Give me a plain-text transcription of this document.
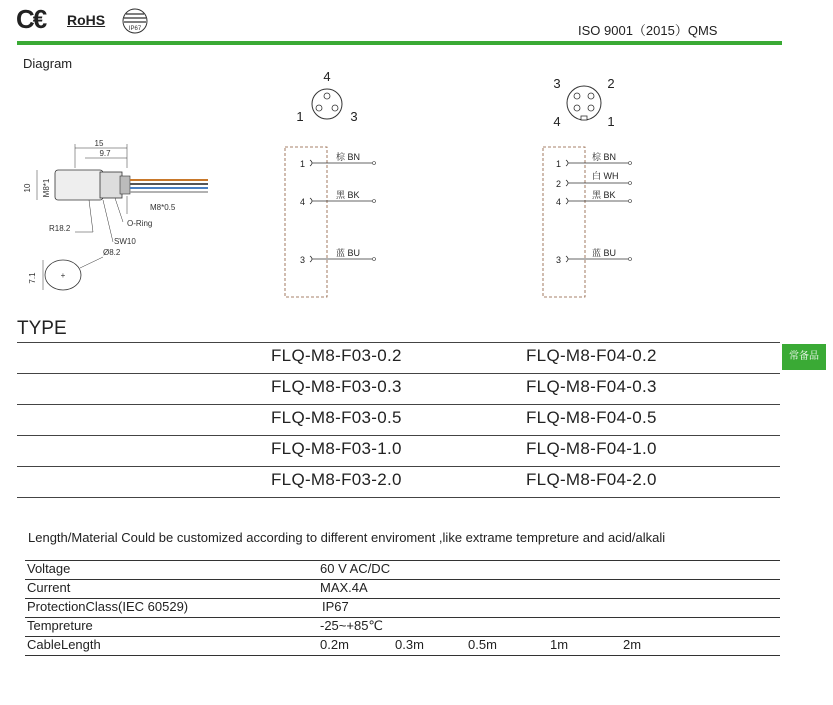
C€ RoHS
IP67	ISO 9001（2015）QMS
Diagram
15
9.7
10 M8*1
M8*0.5
O-Ring
R18.2
SW10
Ø8.2
+
7.1
4
1	3
3	2
4	1
1
棕 BN
4
黑 BK
3
蓝 BU
1
棕 BN
2
白 WH
4
黑 BK
3
蓝 BU
TYPE
常备品
FLQ-M8-F03-0.2	FLQ-M8-F04-0.2
FLQ-M8-F03-0.3	FLQ-M8-F04-0.3
FLQ-M8-F03-0.5	FLQ-M8-F04-0.5
FLQ-M8-F03-1.0	FLQ-M8-F04-1.0
FLQ-M8-F03-2.0	FLQ-M8-F04-2.0
Length/Material Could be customized according to different enviroment ,like extrame tempreture and acid/alkali
Voltage	60 V AC/DC
Current	MAX.4A
ProtectionClass(IEC 60529)	IP67
Tempreture	-25~+85℃
CableLength	0.2m	0.3m	0.5m	1m	2m
